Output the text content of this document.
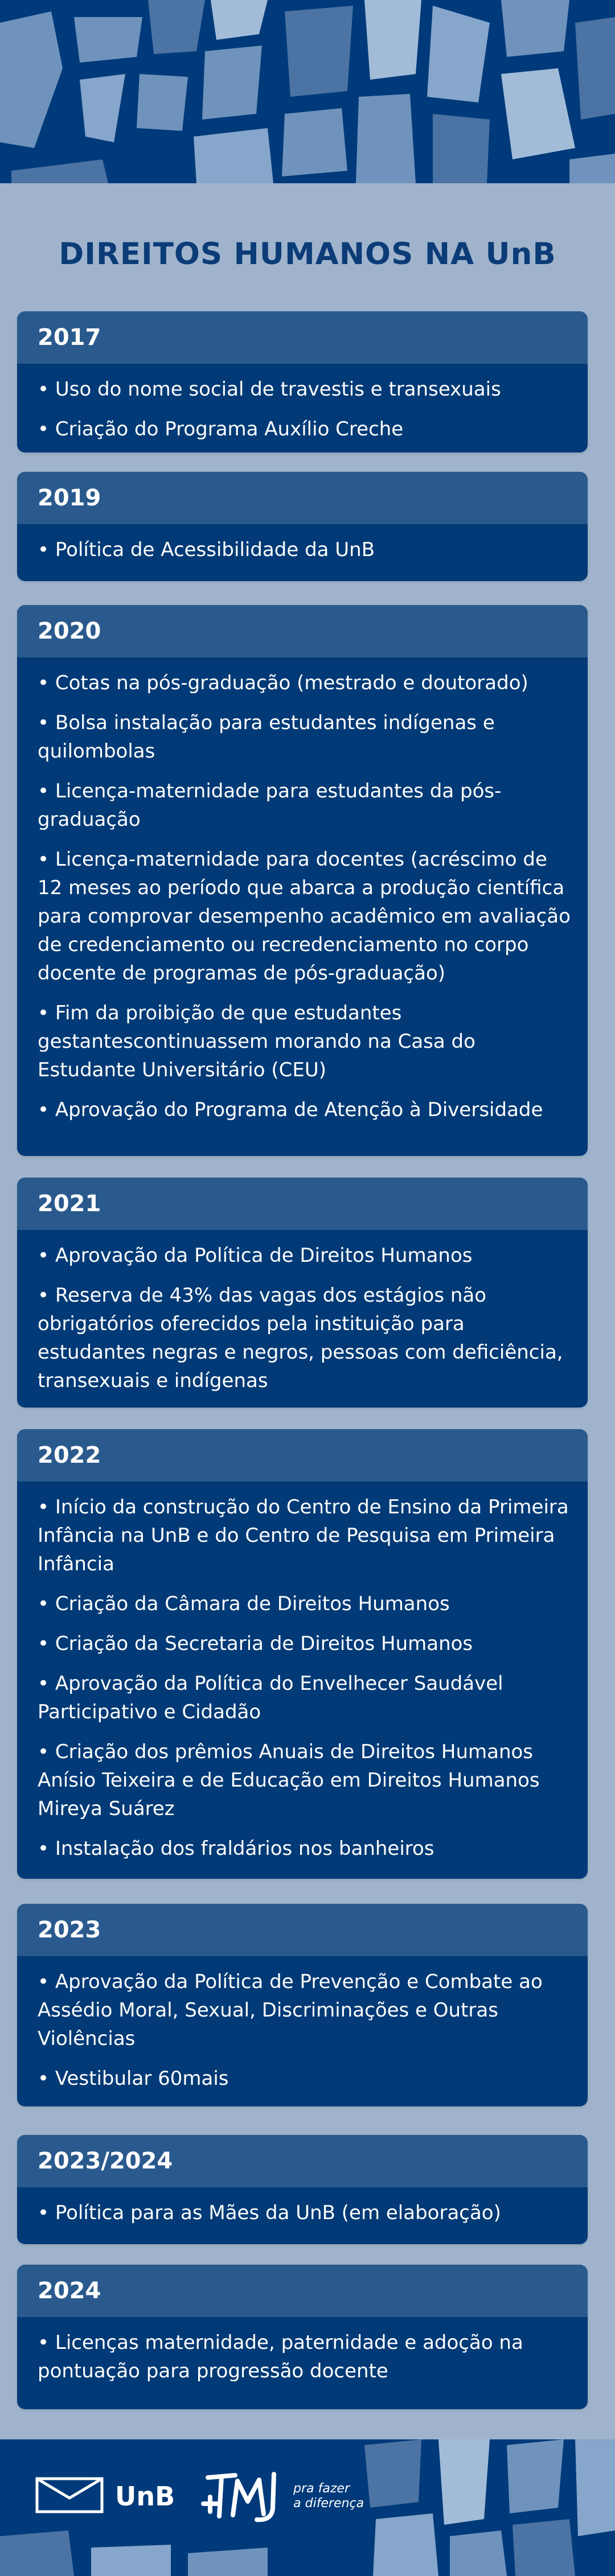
DIREITOS HUMANOS NA UnB
2017
• Uso do nome social de travestis e transexuais
• Criação do Programa Auxílio Creche
2019
• Política de Acessibilidade da UnB
2020
• Cotas na pós-graduação (mestrado e doutorado)
• Bolsa instalação para estudantes indígenas e quilombolas
• Licença-maternidade para estudantes da pós-graduação
• Licença-maternidade para docentes (acréscimo de 12 meses ao período que abarca a produção científica para comprovar desempenho acadêmico em avaliação de credenciamento ou recredenciamento no corpo docente de programas de pós-graduação)
• Fim da proibição de que estudantes gestantescontinuassem morando na Casa do Estudante Universitário (CEU)
• Aprovação do Programa de Atenção à Diversidade
2021
• Aprovação da Política de Direitos Humanos
• Reserva de 43% das vagas dos estágios não obrigatórios oferecidos pela instituição para estudantes negras e negros, pessoas com deficiência, transexuais e indígenas
2022
• Início da construção do Centro de Ensino da Primeira Infância na UnB e do Centro de Pesquisa em Primeira Infância
• Criação da Câmara de Direitos Humanos
• Criação da Secretaria de Direitos Humanos
• Aprovação da Política do Envelhecer Saudável Participativo e Cidadão
• Criação dos prêmios Anuais de Direitos Humanos Anísio Teixeira e de Educação em Direitos Humanos Mireya Suárez
• Instalação dos fraldários nos banheiros
2023
• Aprovação da Política de Prevenção e Combate ao Assédio Moral, Sexual, Discriminações e Outras Violências
• Vestibular 60mais
2023/2024
• Política para as Mães da UnB (em elaboração)
2024
• Licenças maternidade, paternidade e adoção na pontuação para progressão docente
UnB	pra fazer
a diferença
